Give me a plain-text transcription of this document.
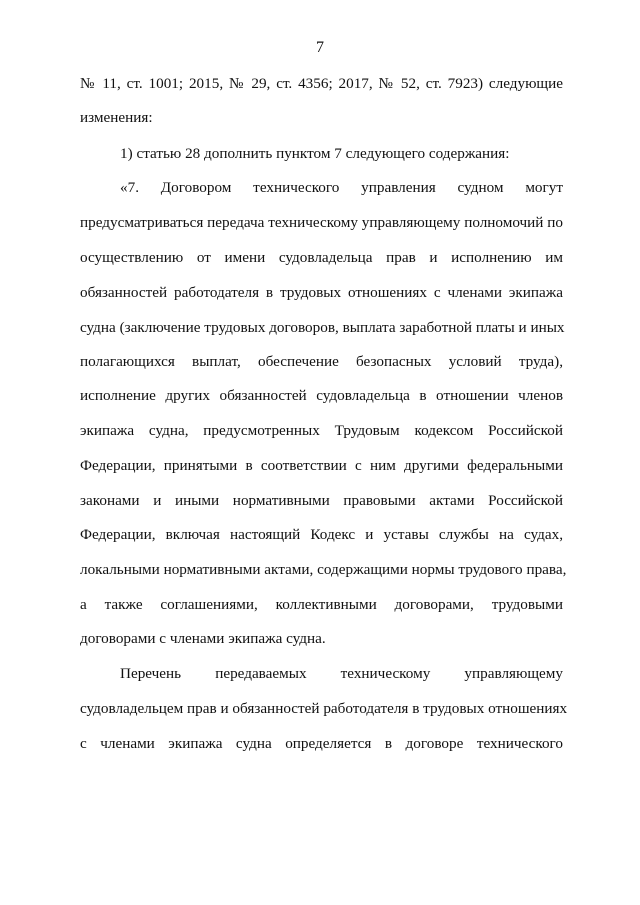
7
№ 11, ст. 1001; 2015, № 29, ст. 4356; 2017, № 52, ст. 7923) следующие
изменения:
1) статью 28 дополнить пунктом 7 следующего содержания:
«7. Договором технического управления судном могут
предусматриваться передача техническому управляющему полномочий по
осуществлению от имени судовладельца прав и исполнению им
обязанностей работодателя в трудовых отношениях с членами экипажа
судна (заключение трудовых договоров, выплата заработной платы и иных
полагающихся выплат, обеспечение безопасных условий труда),
исполнение других обязанностей судовладельца в отношении членов
экипажа судна, предусмотренных Трудовым кодексом Российской
Федерации, принятыми в соответствии с ним другими федеральными
законами и иными нормативными правовыми актами Российской
Федерации, включая настоящий Кодекс и уставы службы на судах,
локальными нормативными актами, содержащими нормы трудового права,
а также соглашениями, коллективными договорами, трудовыми
договорами с членами экипажа судна.
Перечень передаваемых техническому управляющему
судовладельцем прав и обязанностей работодателя в трудовых отношениях
с членами экипажа судна определяется в договоре технического
